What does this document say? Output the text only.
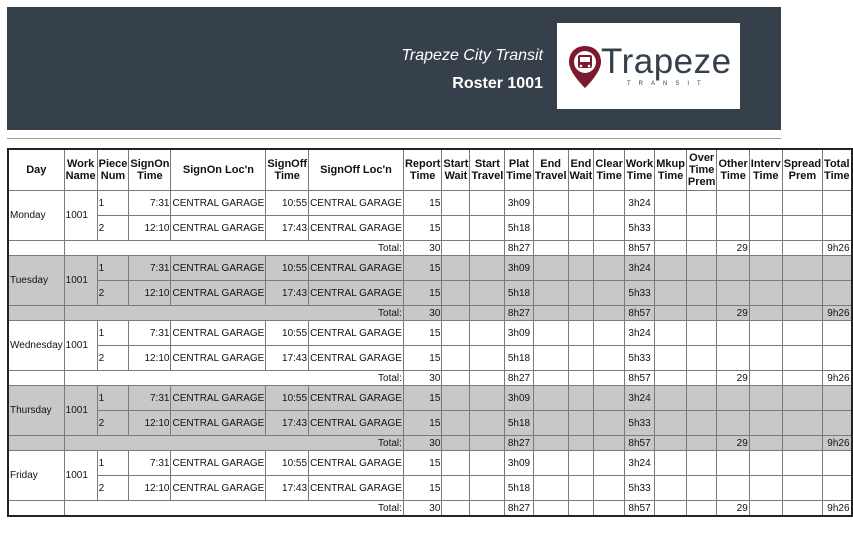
Trapeze City Transit
Roster 1001
Trapeze
TRANSIT
Day	Work Name	Piece Num	SignOn Time	SignOn Loc'n	SignOff Time	SignOff Loc'n	Report Time	Start Wait	Start Travel	Plat Time	End Travel	End Wait	Clear Time	Work Time	Mkup Time	Over Time Prem	Other Time	Interv Time	Spread Prem	Total Time
Monday	1001	1	7:31	CENTRAL GARAGE	10:55	CENTRAL GARAGE	15			3h09				3h24						
		2	12:10	CENTRAL GARAGE	17:43	CENTRAL GARAGE	15			5h18				5h33						
	Total:						30			8h27				8h57			29			9h26
Tuesday	1001	1	7:31	CENTRAL GARAGE	10:55	CENTRAL GARAGE	15			3h09				3h24						
		2	12:10	CENTRAL GARAGE	17:43	CENTRAL GARAGE	15			5h18				5h33						
	Total:						30			8h27				8h57			29			9h26
Wednesday	1001	1	7:31	CENTRAL GARAGE	10:55	CENTRAL GARAGE	15			3h09				3h24						
		2	12:10	CENTRAL GARAGE	17:43	CENTRAL GARAGE	15			5h18				5h33						
	Total:						30			8h27				8h57			29			9h26
Thursday	1001	1	7:31	CENTRAL GARAGE	10:55	CENTRAL GARAGE	15			3h09				3h24						
		2	12:10	CENTRAL GARAGE	17:43	CENTRAL GARAGE	15			5h18				5h33						
	Total:						30			8h27				8h57			29			9h26
Friday	1001	1	7:31	CENTRAL GARAGE	10:55	CENTRAL GARAGE	15			3h09				3h24						
		2	12:10	CENTRAL GARAGE	17:43	CENTRAL GARAGE	15			5h18				5h33						
	Total:						30			8h27				8h57			29			9h26
